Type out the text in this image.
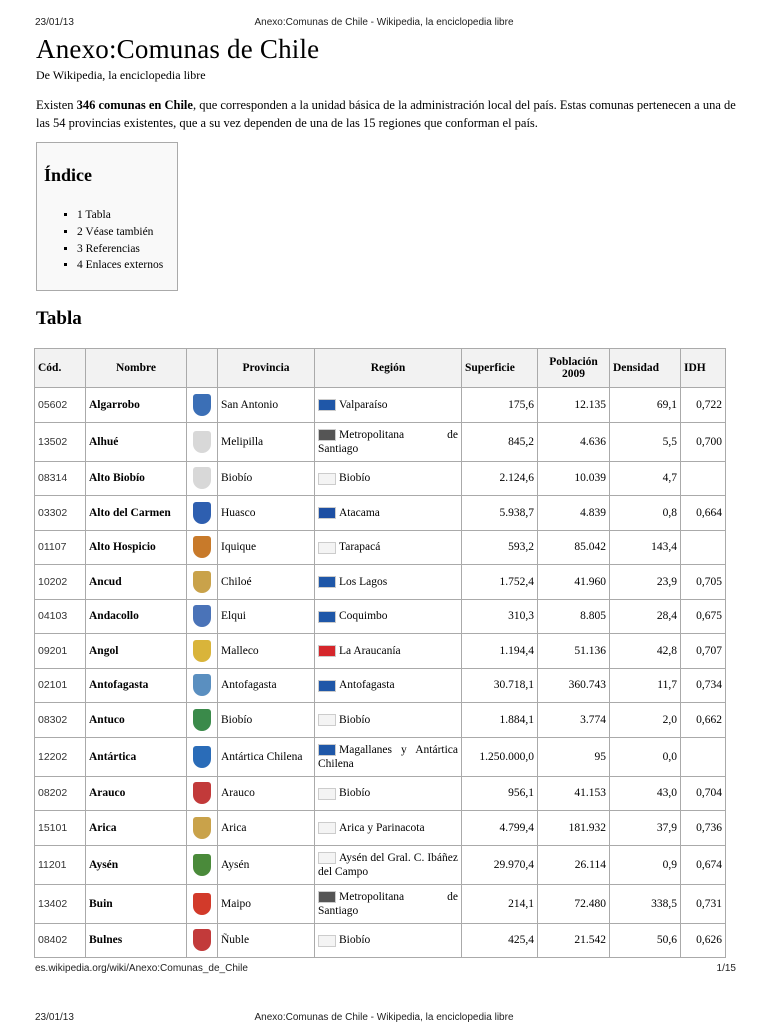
23/01/13	Anexo:Comunas de Chile - Wikipedia, la enciclopedia libre
Anexo:Comunas de Chile
De Wikipedia, la enciclopedia libre
Existen 346 comunas en Chile, que corresponden a la unidad básica de la administración local del país. Estas comunas pertenecen a una de las 54 provincias existentes, que a su vez dependen de una de las 15 regiones que conforman el país.
Índice
▪ 1 Tabla
▪ 2 Véase también
▪ 3 Referencias
▪ 4 Enlaces externos
Tabla
Cód.	Nombre		Provincia	Región	Superficie	Población 2009	Densidad	IDH
05602	Algarrobo		San Antonio	Valparaíso	175,6	12.135	69,1	0,722
13502	Alhué		Melipilla	Metropolitana de Santiago	845,2	4.636	5,5	0,700
08314	Alto Biobío		Biobío	Biobío	2.124,6	10.039	4,7	
03302	Alto del Carmen		Huasco	Atacama	5.938,7	4.839	0,8	0,664
01107	Alto Hospicio		Iquique	Tarapacá	593,2	85.042	143,4	
10202	Ancud		Chiloé	Los Lagos	1.752,4	41.960	23,9	0,705
04103	Andacollo		Elqui	Coquimbo	310,3	8.805	28,4	0,675
09201	Angol		Malleco	La Araucanía	1.194,4	51.136	42,8	0,707
02101	Antofagasta		Antofagasta	Antofagasta	30.718,1	360.743	11,7	0,734
08302	Antuco		Biobío	Biobío	1.884,1	3.774	2,0	0,662
12202	Antártica		Antártica Chilena	Magallanes y Antártica Chilena	1.250.000,0	95	0,0	
08202	Arauco		Arauco	Biobío	956,1	41.153	43,0	0,704
15101	Arica		Arica	Arica y Parinacota	4.799,4	181.932	37,9	0,736
11201	Aysén		Aysén	Aysén del Gral. C. Ibáñez del Campo	29.970,4	26.114	0,9	0,674
13402	Buin		Maipo	Metropolitana de Santiago	214,1	72.480	338,5	0,731
08402	Bulnes		Ñuble	Biobío	425,4	21.542	50,6	0,626
es.wikipedia.org/wiki/Anexo:Comunas_de_Chile	1/15
23/01/13	Anexo:Comunas de Chile - Wikipedia, la enciclopedia libre
